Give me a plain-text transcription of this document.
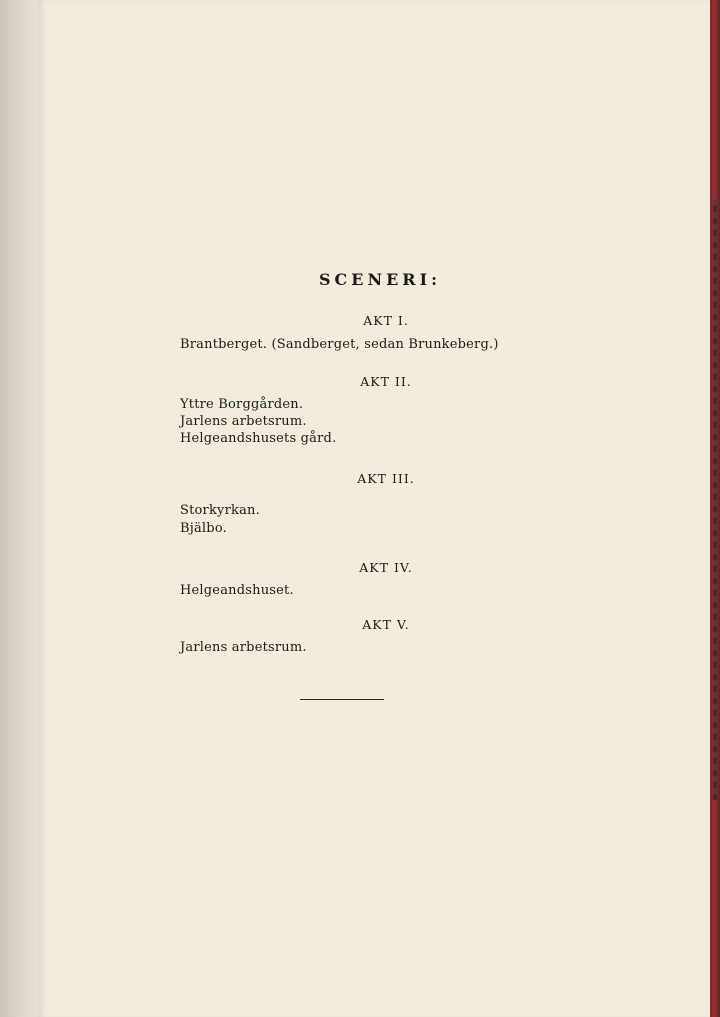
SCENERI:

AKT I.

Brantberget. (Sandberget, sedan Brunkeberg.)

AKT II.

Yttre Borggården.

Jarlens arbetsrum.

Helgeandshusets gård.

AKT III.

Storkyrkan.

Bjälbo.

AKT IV.

Helgeandshuset.

AKT V.

Jarlens arbetsrum.
